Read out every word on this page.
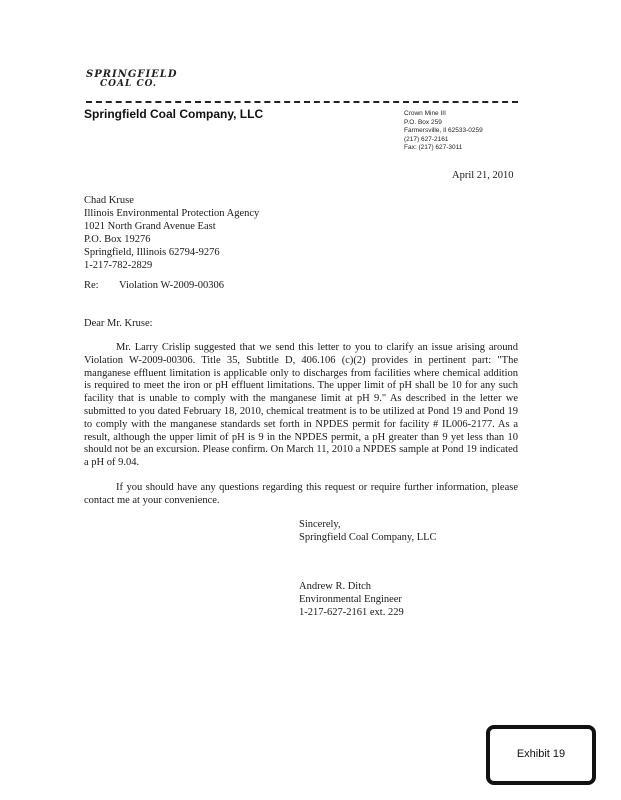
SPRINGFIELD
COAL CO.
Springfield Coal Company, LLC	Crown Mine III
P.O. Box 259
Farmersville, Il 62533-0259
(217) 627-2161
Fax: (217) 627-3011
April 21, 2010
Chad Kruse
Illinois Environmental Protection Agency
1021 North Grand Avenue East
P.O. Box 19276
Springfield, Illinois 62794-9276
1-217-782-2829
Re: Violation W-2009-00306
Dear Mr. Kruse:
Mr. Larry Crislip suggested that we send this letter to you to clarify an issue arising around Violation W-2009-00306. Title 35, Subtitle D, 406.106 (c)(2) provides in pertinent part: "The manganese effluent limitation is applicable only to discharges from facilities where chemical addition is required to meet the iron or pH effluent limitations. The upper limit of pH shall be 10 for any such facility that is unable to comply with the manganese limit at pH 9." As described in the letter we submitted to you dated February 18, 2010, chemical treatment is to be utilized at Pond 19 and Pond 19 to comply with the manganese standards set forth in NPDES permit for facility # IL006-2177. As a result, although the upper limit of pH is 9 in the NPDES permit, a pH greater than 9 yet less than 10 should not be an excursion. Please confirm. On March 11, 2010 a NPDES sample at Pond 19 indicated a pH of 9.04.
If you should have any questions regarding this request or require further information, please contact me at your convenience.
Sincerely,
Springfield Coal Company, LLC
Andrew R. Ditch
Environmental Engineer
1-217-627-2161 ext. 229
Exhibit 19
